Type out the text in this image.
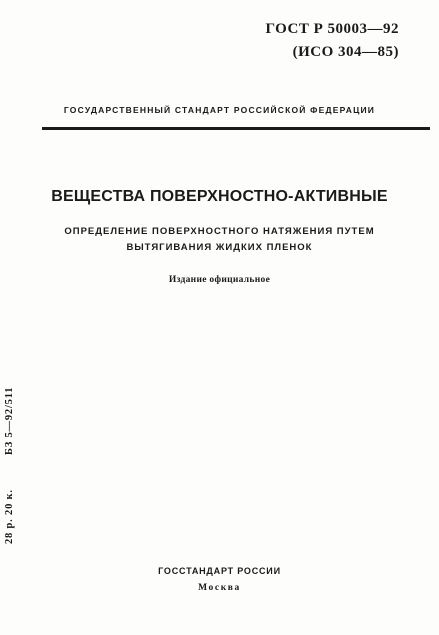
ГОСТ Р 50003—92
(ИСО 304—85)
ГОСУДАРСТВЕННЫЙ СТАНДАРТ РОССИЙСКОЙ ФЕДЕРАЦИИ
ВЕЩЕСТВА ПОВЕРХНОСТНО-АКТИВНЫЕ
ОПРЕДЕЛЕНИЕ ПОВЕРХНОСТНОГО НАТЯЖЕНИЯ ПУТЕМ
ВЫТЯГИВАНИЯ ЖИДКИХ ПЛЕНОК
Издание официальное
БЗ 5—92/511
28 р. 20 к.
ГОССТАНДАРТ РОССИИ
Москва
